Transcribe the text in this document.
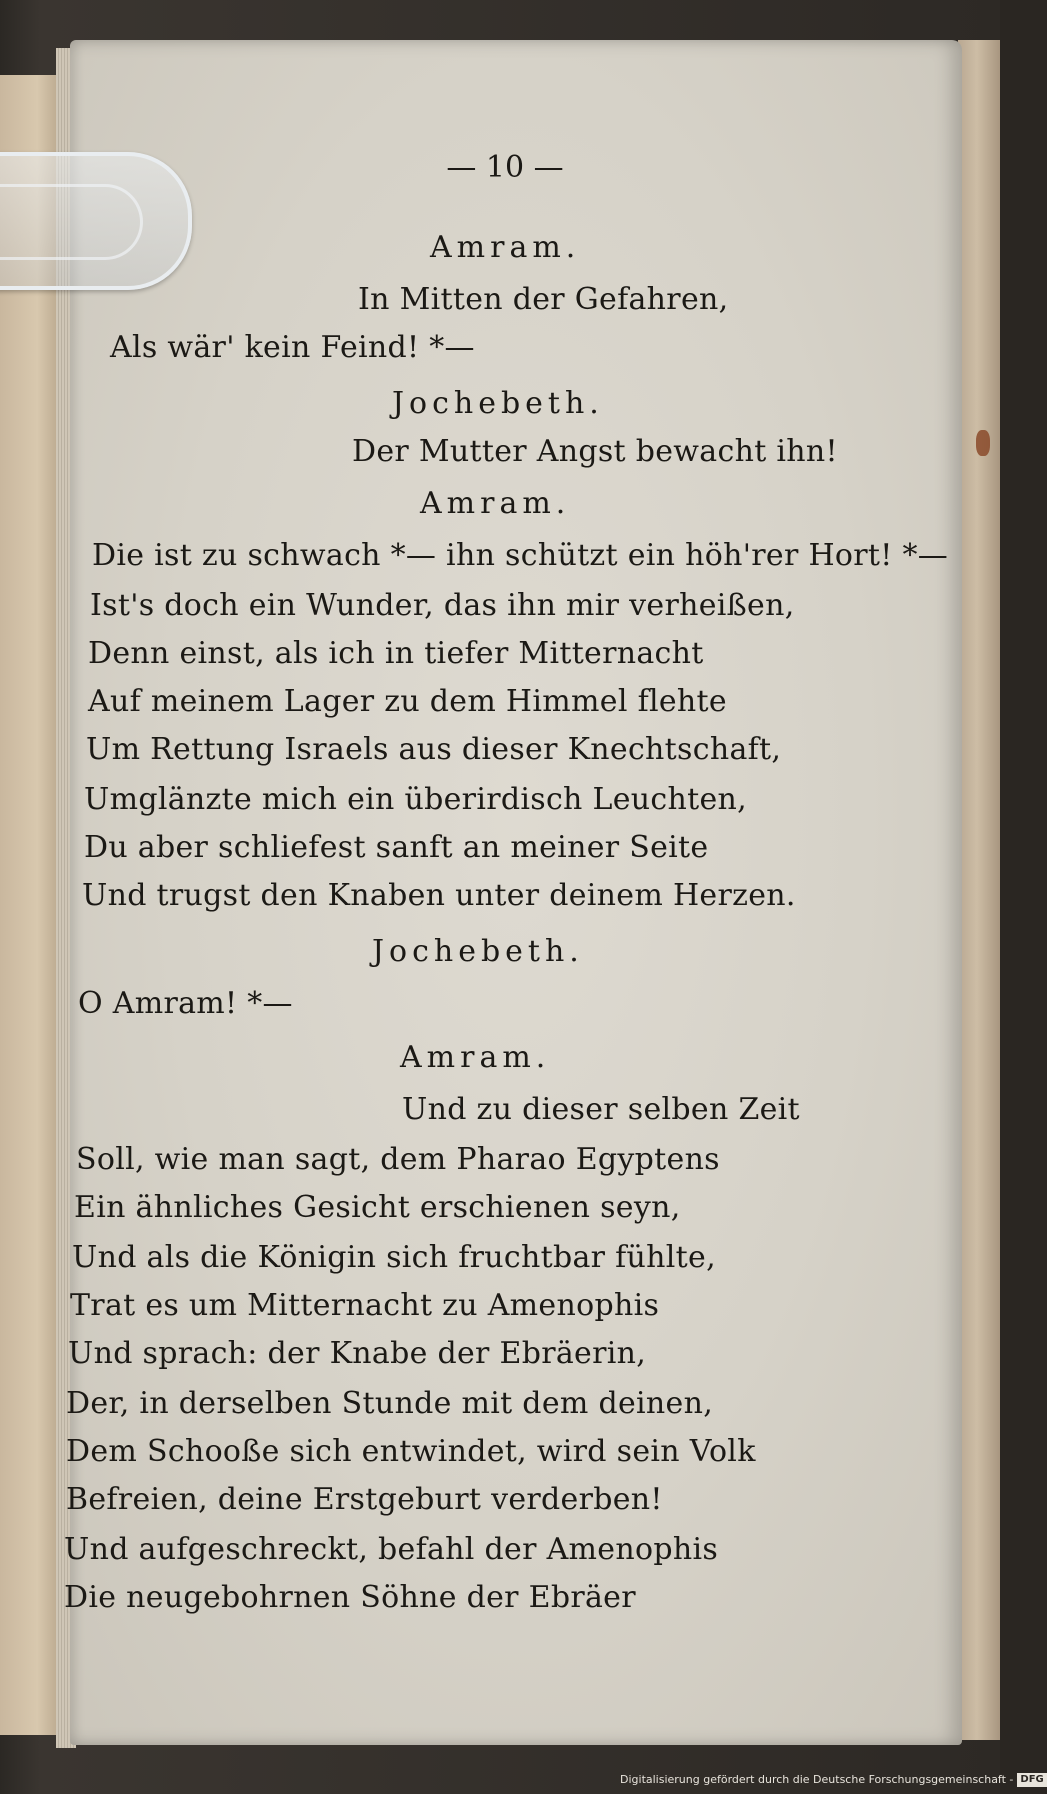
— 10 —

Amram.

In Mitten der Gefahren,

Als wär' kein Feind! *—

Jochebeth.

Der Mutter Angst bewacht ihn!

Amram.

Die ist zu schwach *— ihn schützt ein höh'rer Hort! *—

Ist's doch ein Wunder, das ihn mir verheißen,

Denn einst, als ich in tiefer Mitternacht

Auf meinem Lager zu dem Himmel flehte

Um Rettung Israels aus dieser Knechtschaft,

Umglänzte mich ein überirdisch Leuchten,

Du aber schliefest sanft an meiner Seite

Und trugst den Knaben unter deinem Herzen.

Jochebeth.

O Amram! *—

Amram.

Und zu dieser selben Zeit

Soll, wie man sagt, dem Pharao Egyptens

Ein ähnliches Gesicht erschienen seyn,

Und als die Königin sich fruchtbar fühlte,

Trat es um Mitternacht zu Amenophis

Und sprach: der Knabe der Ebräerin,

Der, in derselben Stunde mit dem deinen,

Dem Schooße sich entwindet, wird sein Volk

Befreien, deine Erstgeburt verderben!

Und aufgeschreckt, befahl der Amenophis

Die neugebohrnen Söhne der Ebräer

Digitalisierung gefördert durch die Deutsche Forschungsgemeinschaft - DFG
